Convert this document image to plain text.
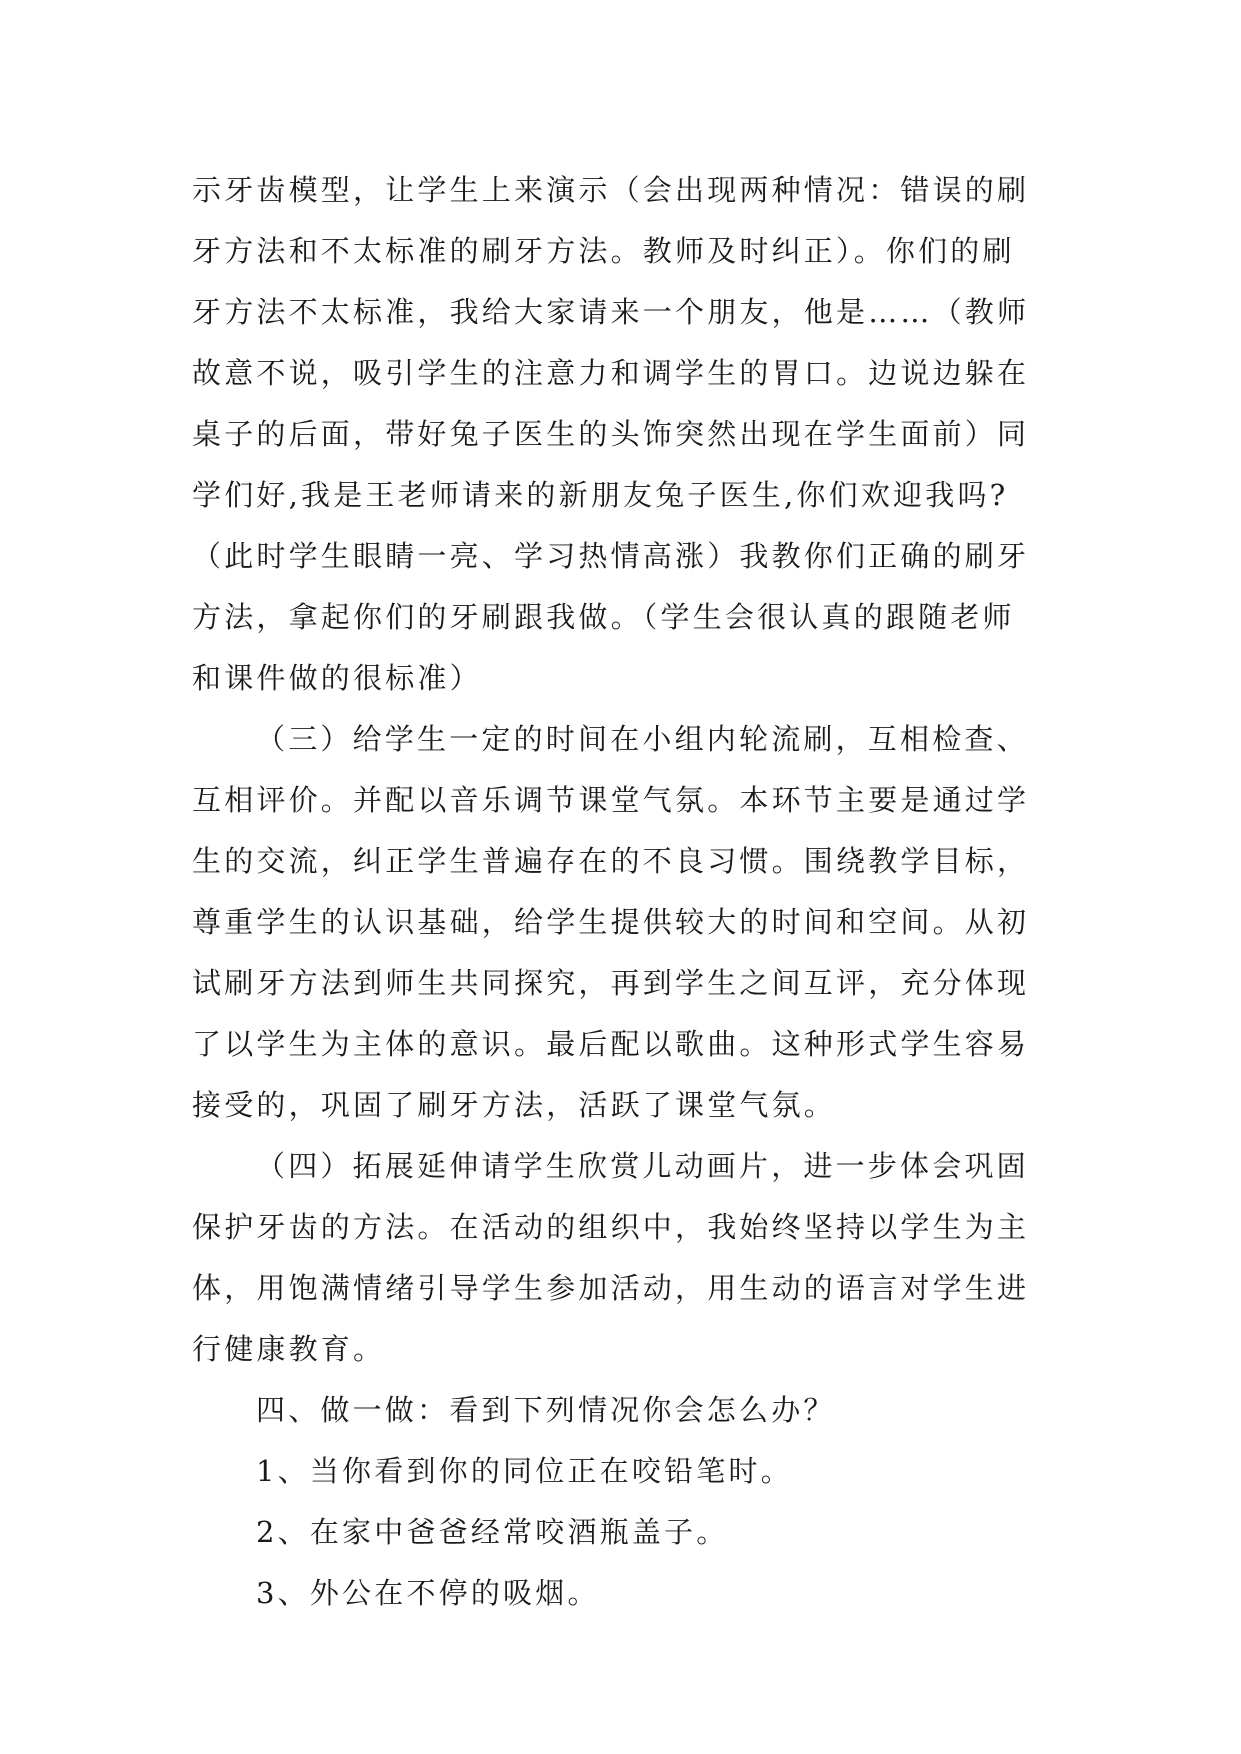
示牙齿模型，让学生上来演示（会出现两种情况：错误的刷
牙方法和不太标准的刷牙方法。教师及时纠正）。你们的刷
牙方法不太标准，我给大家请来一个朋友，他是……（教师
故意不说，吸引学生的注意力和调学生的胃口。边说边躲在
桌子的后面，带好兔子医生的头饰突然出现在学生面前）同
学们好,我是王老师请来的新朋友兔子医生,你们欢迎我吗?
（此时学生眼睛一亮、学习热情高涨）我教你们正确的刷牙
方法，拿起你们的牙刷跟我做。（学生会很认真的跟随老师
和课件做的很标准）
（三）给学生一定的时间在小组内轮流刷，互相检查、
互相评价。并配以音乐调节课堂气氛。本环节主要是通过学
生的交流，纠正学生普遍存在的不良习惯。围绕教学目标，
尊重学生的认识基础，给学生提供较大的时间和空间。从初
试刷牙方法到师生共同探究，再到学生之间互评，充分体现
了以学生为主体的意识。最后配以歌曲。这种形式学生容易
接受的，巩固了刷牙方法，活跃了课堂气氛。
（四）拓展延伸请学生欣赏儿动画片，进一步体会巩固
保护牙齿的方法。在活动的组织中，我始终坚持以学生为主
体，用饱满情绪引导学生参加活动，用生动的语言对学生进
行健康教育。
四、做一做：看到下列情况你会怎么办？
1、当你看到你的同位正在咬铅笔时。
2、在家中爸爸经常咬酒瓶盖子。
3、外公在不停的吸烟。
